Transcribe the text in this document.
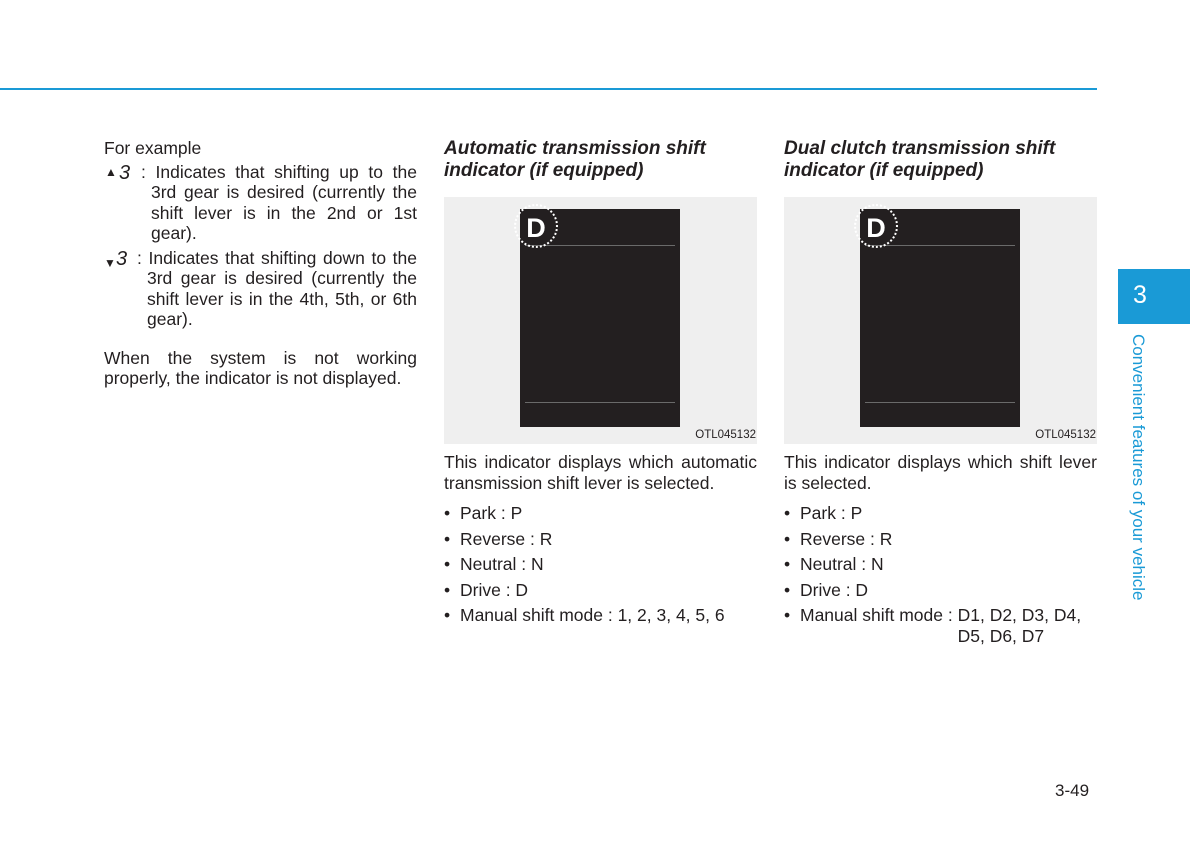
For example

▲ 3 : Indicates that shifting up to the 3rd gear is desired (currently the shift lever is in the 2nd or 1st gear).
▼ 3 : Indicates that shifting down to the 3rd gear is desired (currently the shift lever is in the 4th, 5th, or 6th gear).

When the system is not working properly, the indicator is not displayed.

Automatic transmission shift indicator (if equipped)

D
OTL045132

This indicator displays which automatic transmission shift lever is selected.

• Park : P
• Reverse : R
• Neutral : N
• Drive : D
• Manual shift mode : 1, 2, 3, 4, 5, 6

Dual clutch transmission shift indicator (if equipped)

D
OTL045132

This indicator displays which shift lever is selected.

• Park : P
• Reverse : R
• Neutral : N
• Drive : D
• Manual shift mode :
D1, D2, D3, D4, D5, D6, D7
3
Convenient features of your vehicle
3-49
